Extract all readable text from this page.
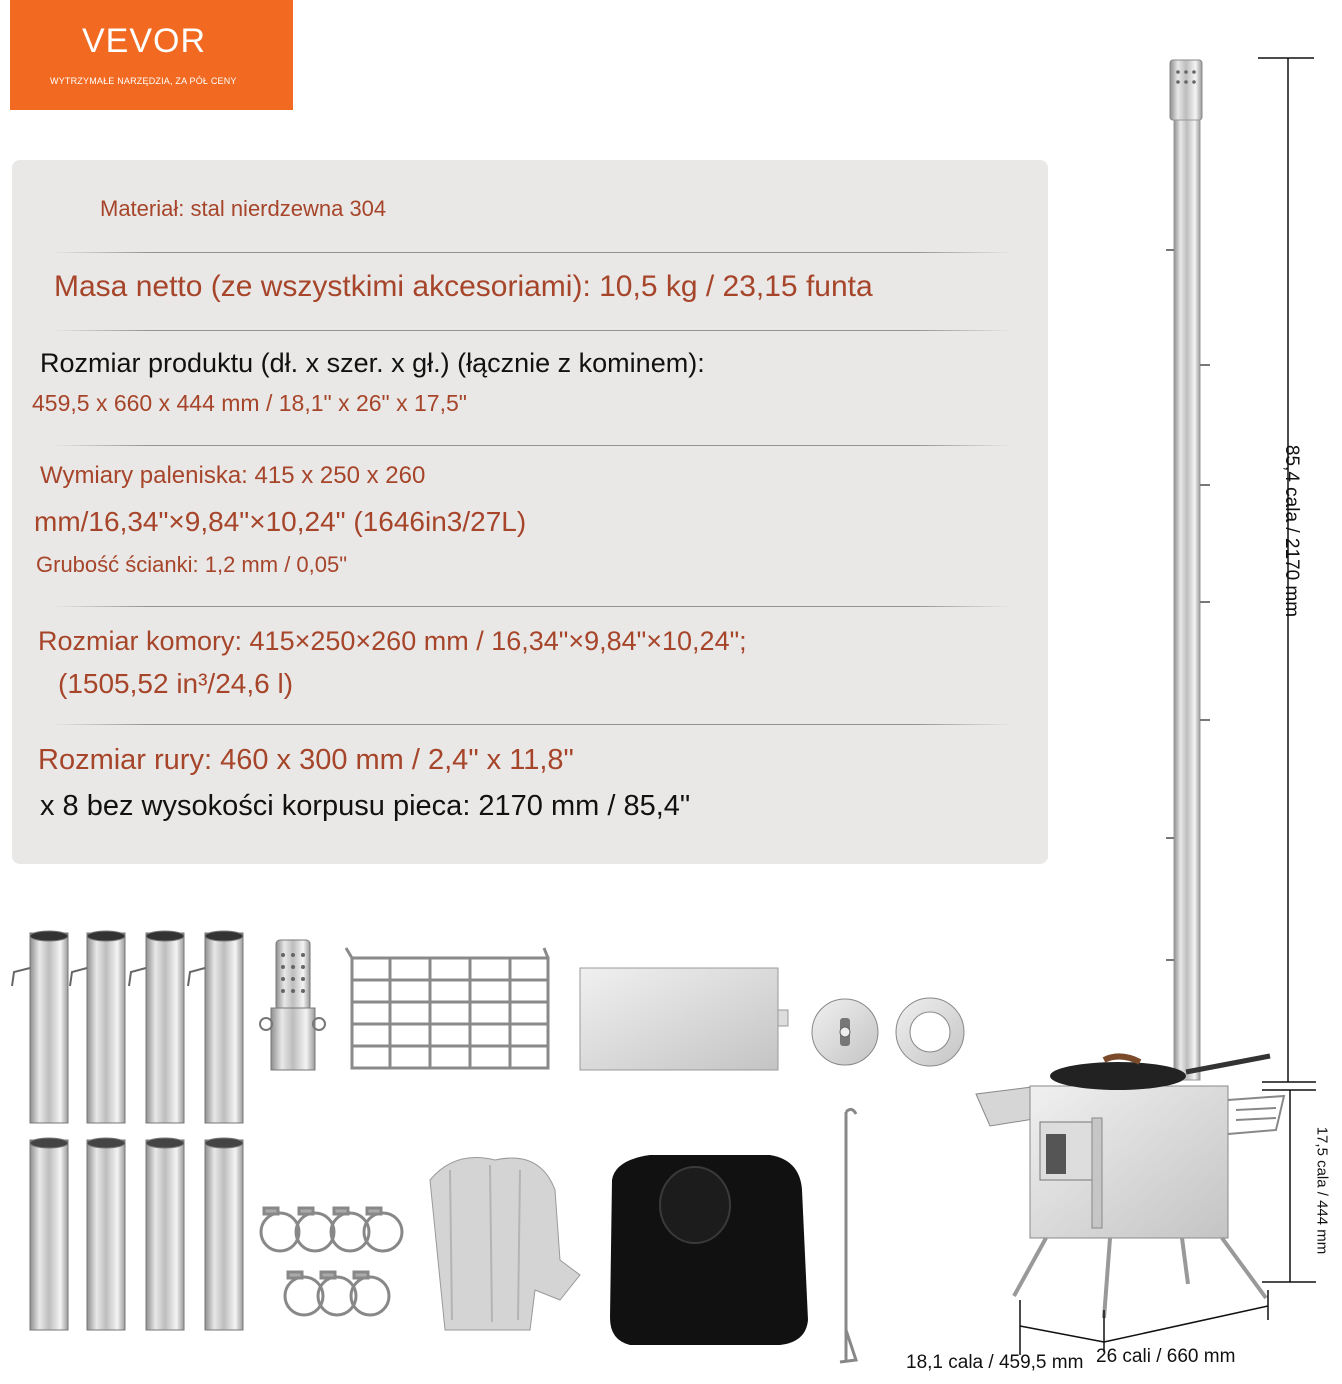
VEVOR
WYTRZYMAŁE NARZĘDZIA, ZA PÓŁ CENY
Materiał: stal nierdzewna 304
Masa netto (ze wszystkimi akcesoriami): 10,5 kg / 23,15 funta
Rozmiar produktu (dł. x szer. x gł.) (łącznie z kominem):
459,5 x 660 x 444 mm / 18,1" x 26" x 17,5"
Wymiary paleniska: 415 x 250 x 260
mm/16,34"×9,84"×10,24" (1646in3/27L)
Grubość ścianki: 1,2 mm / 0,05"
Rozmiar komory: 415×250×260 mm / 16,34"×9,84"×10,24";
(1505,52 in³/24,6 l)
Rozmiar rury: 460 x 300 mm / 2,4" x 11,8"
x 8 bez wysokości korpusu pieca: 2170 mm / 85,4"
85,4 cala / 2170 mm
17,5 cala / 444 mm
18,1 cala / 459,5 mm 26 cali / 660 mm
